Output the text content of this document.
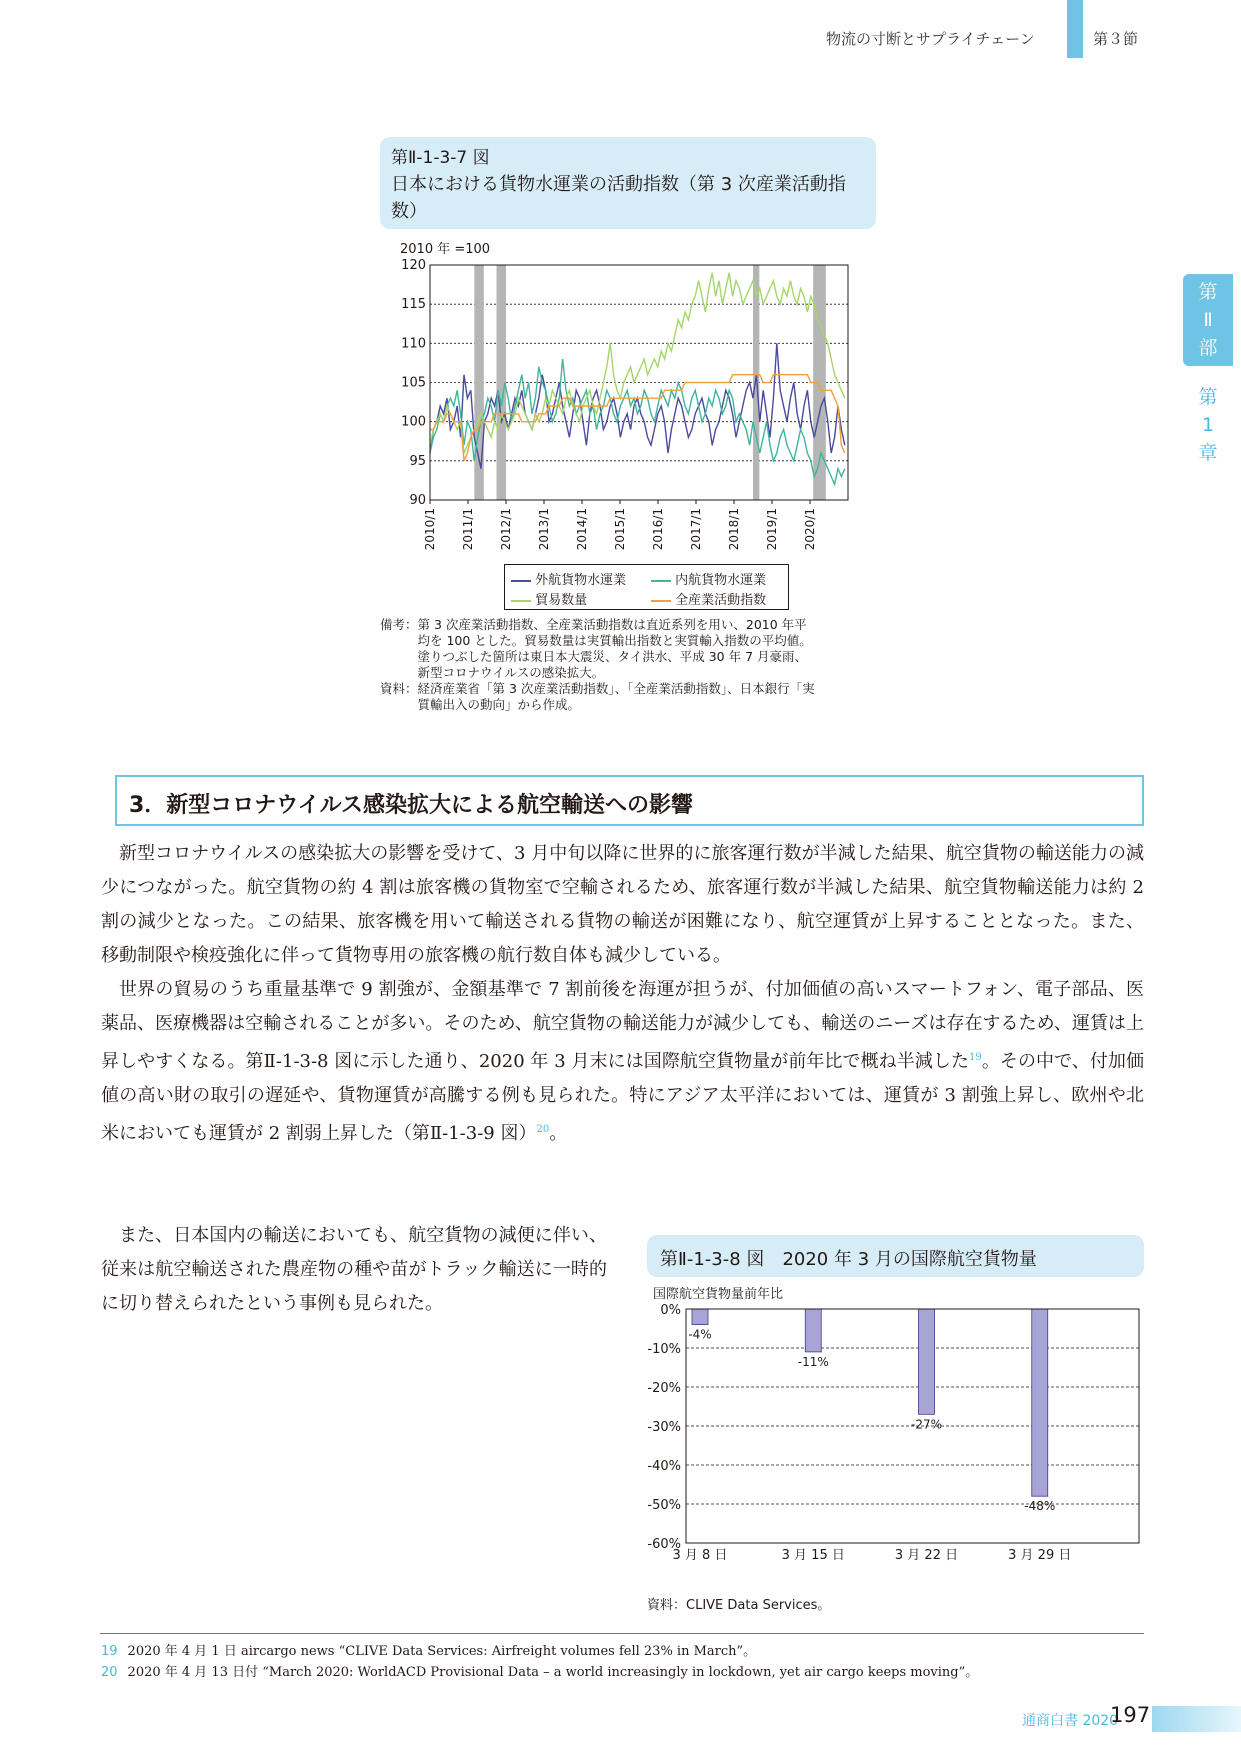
物流の寸断とサプライチェーン	第３節
第
Ⅱ
部
第
1
章
第Ⅱ-1-3-7 図
日本における貨物水運業の活動指数（第 3 次産業活動指数）
2010 年 =100
90
95
100
105
110
115
120
2010/1 2011/1 2012/1 2013/1 2014/1 2015/1 2016/1 2017/1 2018/1 2019/1 2020/1
外航貨物水運業	内航貨物水運業
貿易数量	全産業活動指数
備考：第 3 次産業活動指数、全産業活動指数は直近系列を用い、2010 年平
　　　均を 100 とした。貿易数量は実質輸出指数と実質輸入指数の平均値。
　　　塗りつぶした箇所は東日本大震災、タイ洪水、平成 30 年 7 月豪雨、
　　　新型コロナウイルスの感染拡大。
資料：経済産業省「第 3 次産業活動指数」、「全産業活動指数」、日本銀行「実
　　　質輸出入の動向」から作成。
3．新型コロナウイルス感染拡大による航空輸送への影響

新型コロナウイルスの感染拡大の影響を受けて、3 月中旬以降に世界的に旅客運行数が半減した結果、航空貨物の輸送能力の減少につながった。航空貨物の約 4 割は旅客機の貨物室で空輸されるため、旅客運行数が半減した結果、航空貨物輸送能力は約 2 割の減少となった。この結果、旅客機を用いて輸送される貨物の輸送が困難になり、航空運賃が上昇することとなった。また、移動制限や検疫強化に伴って貨物専用の旅客機の航行数自体も減少している。

世界の貿易のうち重量基準で 9 割強が、金額基準で 7 割前後を海運が担うが、付加価値の高いスマートフォン、電子部品、医薬品、医療機器は空輸されることが多い。そのため、航空貨物の輸送能力が減少しても、輸送のニーズは存在するため、運賃は上昇しやすくなる。第Ⅱ-1-3-8 図に示した通り、2020 年 3 月末には国際航空貨物量が前年比で概ね半減した$^{19}$。その中で、付加価値の高い財の取引の遅延や、貨物運賃が高騰する例も見られた。特にアジア太平洋においては、運賃が 3 割強上昇し、欧州や北米においても運賃が 2 割弱上昇した（第Ⅱ-1-3-9 図）$^{20}$。

また、日本国内の輸送においても、航空貨物の減便に伴い、従来は航空輸送された農産物の種や苗がトラック輸送に一時的に切り替えられたという事例も見られた。

第Ⅱ-1-3-8 図　 2020 年 3 月の国際航空貨物量
国際航空貨物量前年比
-4%
-11%
-27%
-48%
0%
-10%
-20%
-30%
-40%
-50%
-60%
3 月 8 日	3 月 15 日	3 月 22 日	3 月 29 日
資料：CLIVE Data Services。
19 2020 年 4 月 1 日 aircargo news “CLIVE Data Services: Airfreight volumes fell 23% in March”。
20 2020 年 4 月 13 日付 “March 2020: WorldACD Provisional Data – a world increasingly in lockdown, yet air cargo keeps moving”。
通商白書 2020
197
